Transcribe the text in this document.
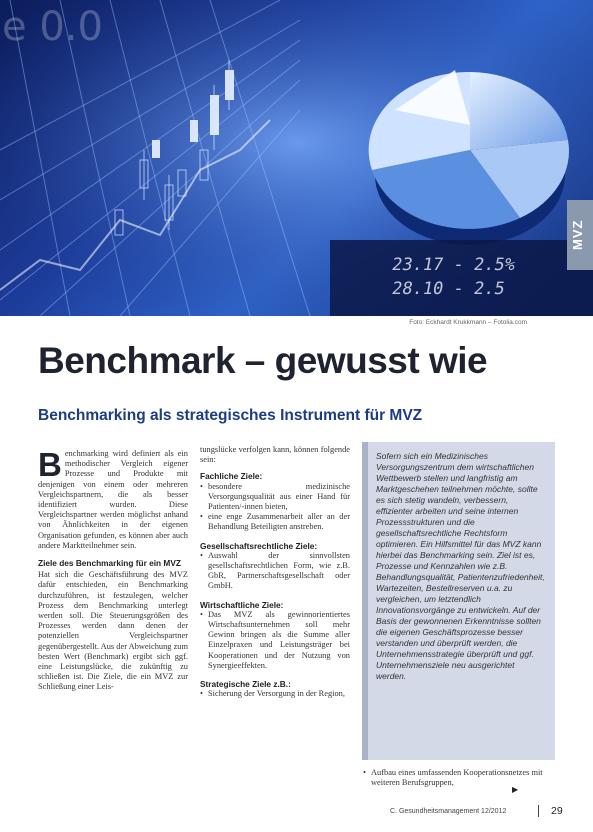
e 0.0
23.17 - 2.5%
28.10 - 2.5
MVZ
Foto: Eckhardt Krukkmann – Fotolia.com
Benchmark – gewusst wie
Benchmarking als strategisches Instrument für MVZ

Benchmarking wird definiert als ein methodischer Vergleich eigener Prozesse und Produkte mit denjenigen von einem oder mehreren Vergleichspartnern, die als besser identifiziert wurden. Diese Vergleichspartner werden möglichst anhand von Ähnlichkeiten in der eigenen Organisation gefunden, es können aber auch andere Marktteilnehmer sein.

Ziele des Benchmarking für ein MVZ

Hat sich die Geschäftsführung des MVZ dafür entschieden, ein Benchmarking durchzuführen, ist festzulegen, welcher Prozess dem Benchmarking unterlegt werden soll. Die Steuerungsgrößen des Prozesses werden dann denen der potenziellen Vergleichspartner gegenübergestellt. Aus der Abweichung zum besten Wert (Benchmark) ergibt sich ggf. eine Leistungslücke, die zukünftig zu schließen ist. Die Ziele, die ein MVZ zur Schließung einer Leis-

tungslücke verfolgen kann, können folgende sein:

Fachliche Ziele:

• besondere medizinische Versorgungsqualität aus einer Hand für Patienten/-innen bieten,

• eine enge Zusammenarbeit aller an der Behandlung Beteiligten anstreben.

Gesellschaftsrechtliche Ziele:

• Auswahl der sinnvollsten gesellschaftsrechtlichen Form, wie z.B. GbR, Partnerschaftsgesellschaft oder GmbH.

Wirtschaftliche Ziele:

• Das MVZ als gewinnorientiertes Wirtschaftsunternehmen soll mehr Gewinn bringen als die Summe aller Einzelpraxen und Leistungsträger bei Kooperationen und der Nutzung von Synergieeffekten.

Strategische Ziele z.B.:

• Sicherung der Versorgung in der Region,

Sofern sich ein Medizinisches Versorgungszentrum dem wirtschaftlichen Wettbewerb stellen und langfristig am Marktgeschehen teilnehmen möchte, sollte es sich stetig wandeln, verbessern, effizienter arbeiten und seine internen Prozessstrukturen und die gesellschaftsrechtliche Rechtsform optimieren. Ein Hilfsmittel für das MVZ kann hierbei das Benchmarking sein. Ziel ist es, Prozesse und Kennzahlen wie z.B. Behandlungsqualität, Patientenzufriedenheit, Wartezeiten, Bestellreserven u.a. zu vergleichen, um letztendlich Innovationsvorgänge zu entwickeln. Auf der Basis der gewonnenen Erkenntnisse sollten die eigenen Geschäftsprozesse besser verstanden und überprüft werden, die Unternehmensstrategie überprüft und ggf. Unternehmensziele neu ausgerichtet werden.

• Aufbau eines umfassenden Kooperationsnetzes mit weiteren Berufsgruppen,

▶
C. Gesundheitsmanagement 12/2012	29
